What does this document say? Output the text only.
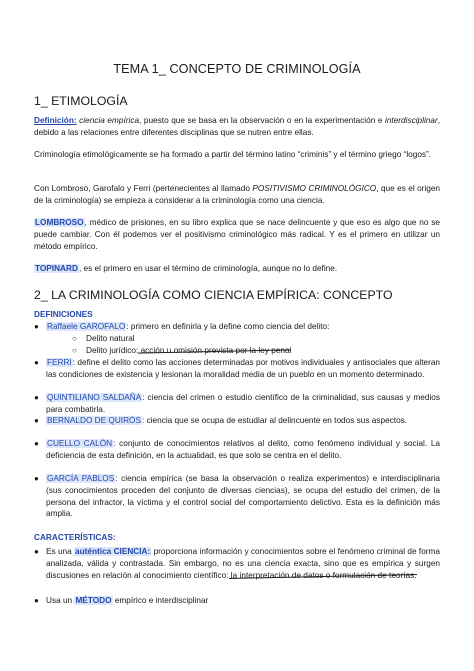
TEMA 1_ CONCEPTO DE CRIMINOLOGÍA
1_ ETIMOLOGÍA
Definición: ciencia empírica, puesto que se basa en la observación o en la experimentación e interdisciplinar, debido a las relaciones entre diferentes disciplinas que se nutren entre ellas.
Criminología etimológicamente se ha formado a partir del término latino “criminis” y el término griego “logos”.
Con Lombroso, Garofalo y Ferri (pertenecientes al llamado POSITIVISMO CRIMINOLÓGICO, que es el origen de la criminología) se empieza a considerar a la criminología como una ciencia.
LOMBROSO, médico de prisiones, en su libro explica que se nace delincuente y que eso es algo que no se puede cambiar. Con él podemos ver el positivismo criminológico más radical. Y es el primero en utilizar un método empírico.
TOPINARD, es el primero en usar el término de criminología, aunque no lo define.
2_ LA CRIMINOLOGÍA COMO CIENCIA EMPÍRICA: CONCEPTO
DEFINICIONES
● Raffaele GAROFALO: primero en definirla y la define como ciencia del delito:
○ Delito natural
○ Delito jurídico: acción u omisión prevista por la ley penal
● FERRI: define el delito como las acciones determinadas por motivos individuales y antisociales que alteran las condiciones de existencia y lesionan la moralidad media de un pueblo en un momento determinado.
● QUINTILIANO SALDAÑA: ciencia del crimen o estudio científico de la criminalidad, sus causas y medios para combatirla.
● BERNALDO DE QUIRÓS: ciencia que se ocupa de estudiar al delincuente en todos sus aspectos.
● CUELLO CALÓN: conjunto de conocimientos relativos al delito, como fenómeno individual y social. La deficiencia de esta definición, en la actualidad, es que solo se centra en el delito.
● GARCÍA PABLOS: ciencia empírica (se basa la observación o realiza experimentos) e interdisciplinaria (sus conocimientos proceden del conjunto de diversas ciencias), se ocupa del estudio del crimen, de la persona del infractor, la víctima y el control social del comportamiento delictivo. Esta es la definición más amplia.
CARACTERÍSTICAS:
● Es una auténtica CIENCIA: proporciona información y conocimientos sobre el fenómeno criminal de forma analizada, válida y contrastada. Sin embargo, no es una ciencia exacta, sino que es empírica y surgen discusiones en relación al conocimiento científico: la interpretación de datos o formulación de teorías.
● Usa un MÉTODO empírico e interdisciplinar
